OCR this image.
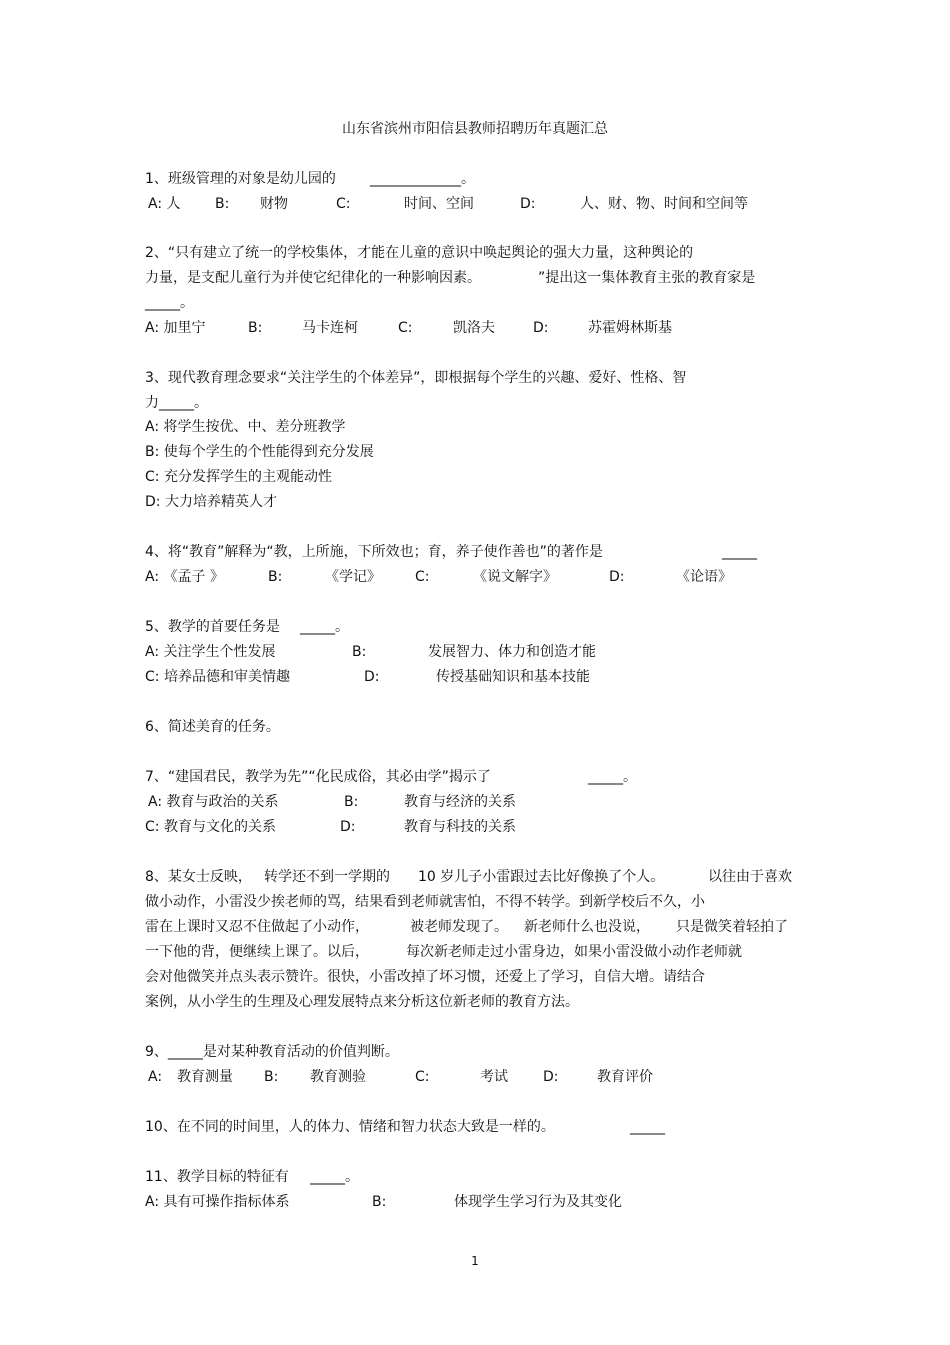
山东省滨州市阳信县教师招聘历年真题汇总
1、班级管理的对象是幼儿园的 _____________。
A: 人 B: 财物	C:	时间、空间	D:	人、财、物、时间和空间等
2、“只有建立了统一的学校集体，才能在儿童的意识中唤起舆论的强大力量，这种舆论的
力量，是支配儿童行为并使它纪律化的一种影响因素。	”提出这一集体教育主张的教育家是
_____。
A: 加里宁	B:	马卡连柯	C:	凯洛夫	D:	苏霍姆林斯基
3、现代教育理念要求“关注学生的个体差异”，即根据每个学生的兴趣、爱好、性格、智
力_____。
A: 将学生按优、中、差分班教学
B: 使每个学生的个性能得到充分发展
C: 充分发挥学生的主观能动性
D: 大力培养精英人才
4、将“教育”解释为“教，上所施，下所效也；育，养子使作善也”的著作是	_____
A: 《孟子 》	B:	《学记》 C:	《说文解字》	D:	《论语》
5、教学的首要任务是 _____。
A: 关注学生个性发展	B:	发展智力、体力和创造才能
C: 培养品德和审美情趣	D:	传授基础知识和基本技能
6、简述美育的任务。
7、“建国君民，教学为先”“化民成俗，其必由学”揭示了	_____。
A: 教育与政治的关系	B:	教育与经济的关系
C: 教育与文化的关系	D:	教育与科技的关系
8、某女士反映， 转学还不到一学期的 10 岁儿子小雷跟过去比好像换了个人。	以往由于喜欢
做小动作，小雷没少挨老师的骂，结果看到老师就害怕，不得不转学。到新学校后不久，小
雷在上课时又忍不住做起了小动作，	被老师发现了。 新老师什么也没说， 只是微笑着轻拍了
一下他的背，便继续上课了。以后，	每次新老师走过小雷身边，如果小雷没做小动作老师就
会对他微笑并点头表示赞许。很快，小雷改掉了坏习惯，还爱上了学习，自信大增。请结合
案例，从小学生的生理及心理发展特点来分析这位新老师的教育方法。
9、_____是对某种教育活动的价值判断。
A: 教育测量 B: 教育测验	C:	考试	D:	教育评价
10、在不同的时间里，人的体力、情绪和智力状态大致是一样的。	_____
11、教学目标的特征有 _____。
A: 具有可操作指标体系	B:	体现学生学习行为及其变化
1
